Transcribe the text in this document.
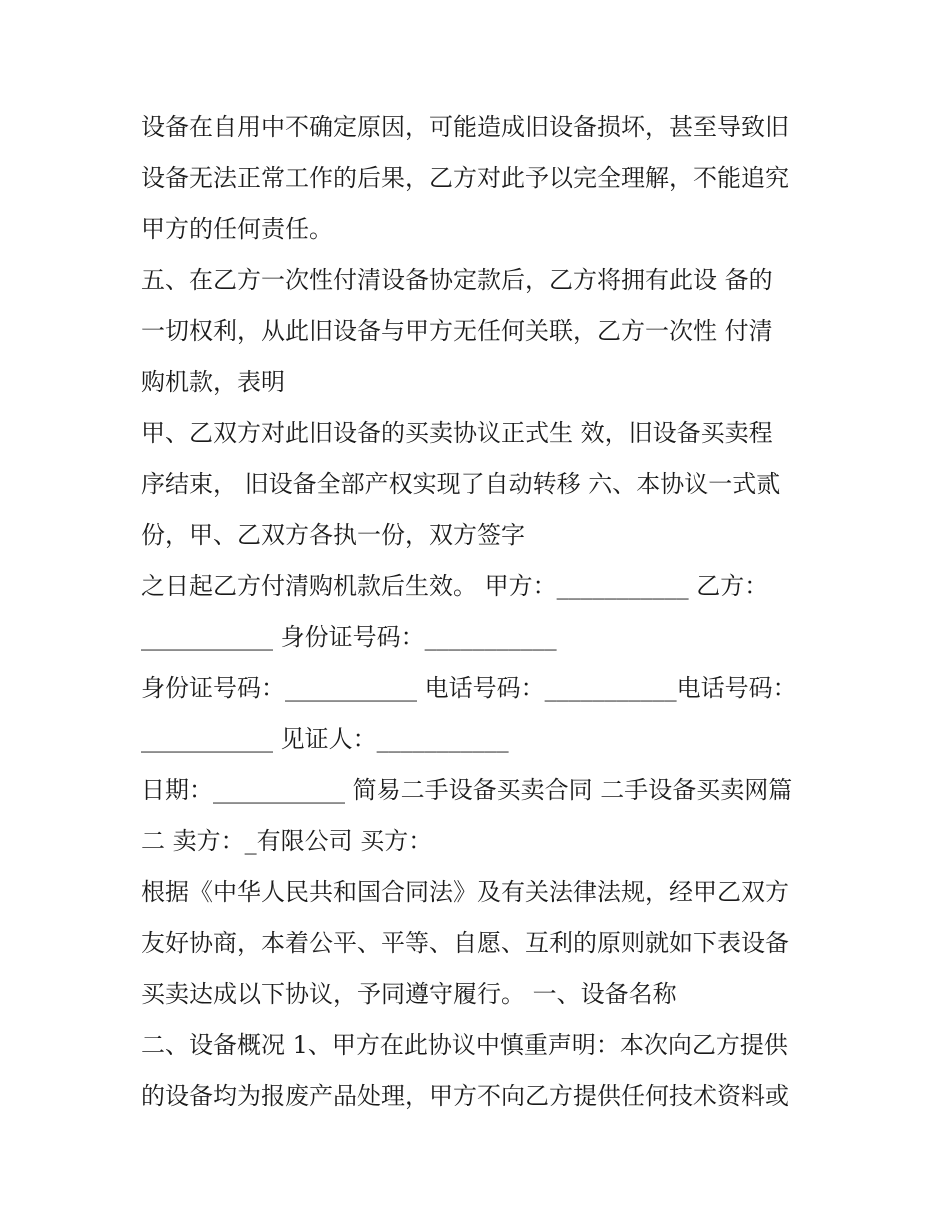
设备在自用中不确定原因，可能造成旧设备损坏，甚至导致旧
设备无法正常工作的后果，乙方对此予以完全理解，不能追究
甲方的任何责任。
五、在乙方一次性付清设备协定款后，乙方将拥有此设 备的
一切权利，从此旧设备与甲方无任何关联，乙方一次性 付清
购机款，表明
甲、乙双方对此旧设备的买卖协议正式生 效，旧设备买卖程
序结束， 旧设备全部产权实现了自动转移 六、本协议一式贰
份，甲、乙双方各执一份，双方签字
之日起乙方付清购机款后生效。 甲方：___________ 乙方：
___________ 身份证号码：___________
身份证号码：___________ 电话号码：___________电话号码：
___________ 见证人：___________
日期：___________ 简易二手设备买卖合同 二手设备买卖网篇
二 卖方：_有限公司 买方：
根据《中华人民共和国合同法》及有关法律法规，经甲乙双方
友好协商，本着公平、平等、自愿、互利的原则就如下表设备
买卖达成以下协议，予同遵守履行。 一、设备名称
二、设备概况 1、甲方在此协议中慎重声明：本次向乙方提供
的设备均为报废产品处理，甲方不向乙方提供任何技术资料或
